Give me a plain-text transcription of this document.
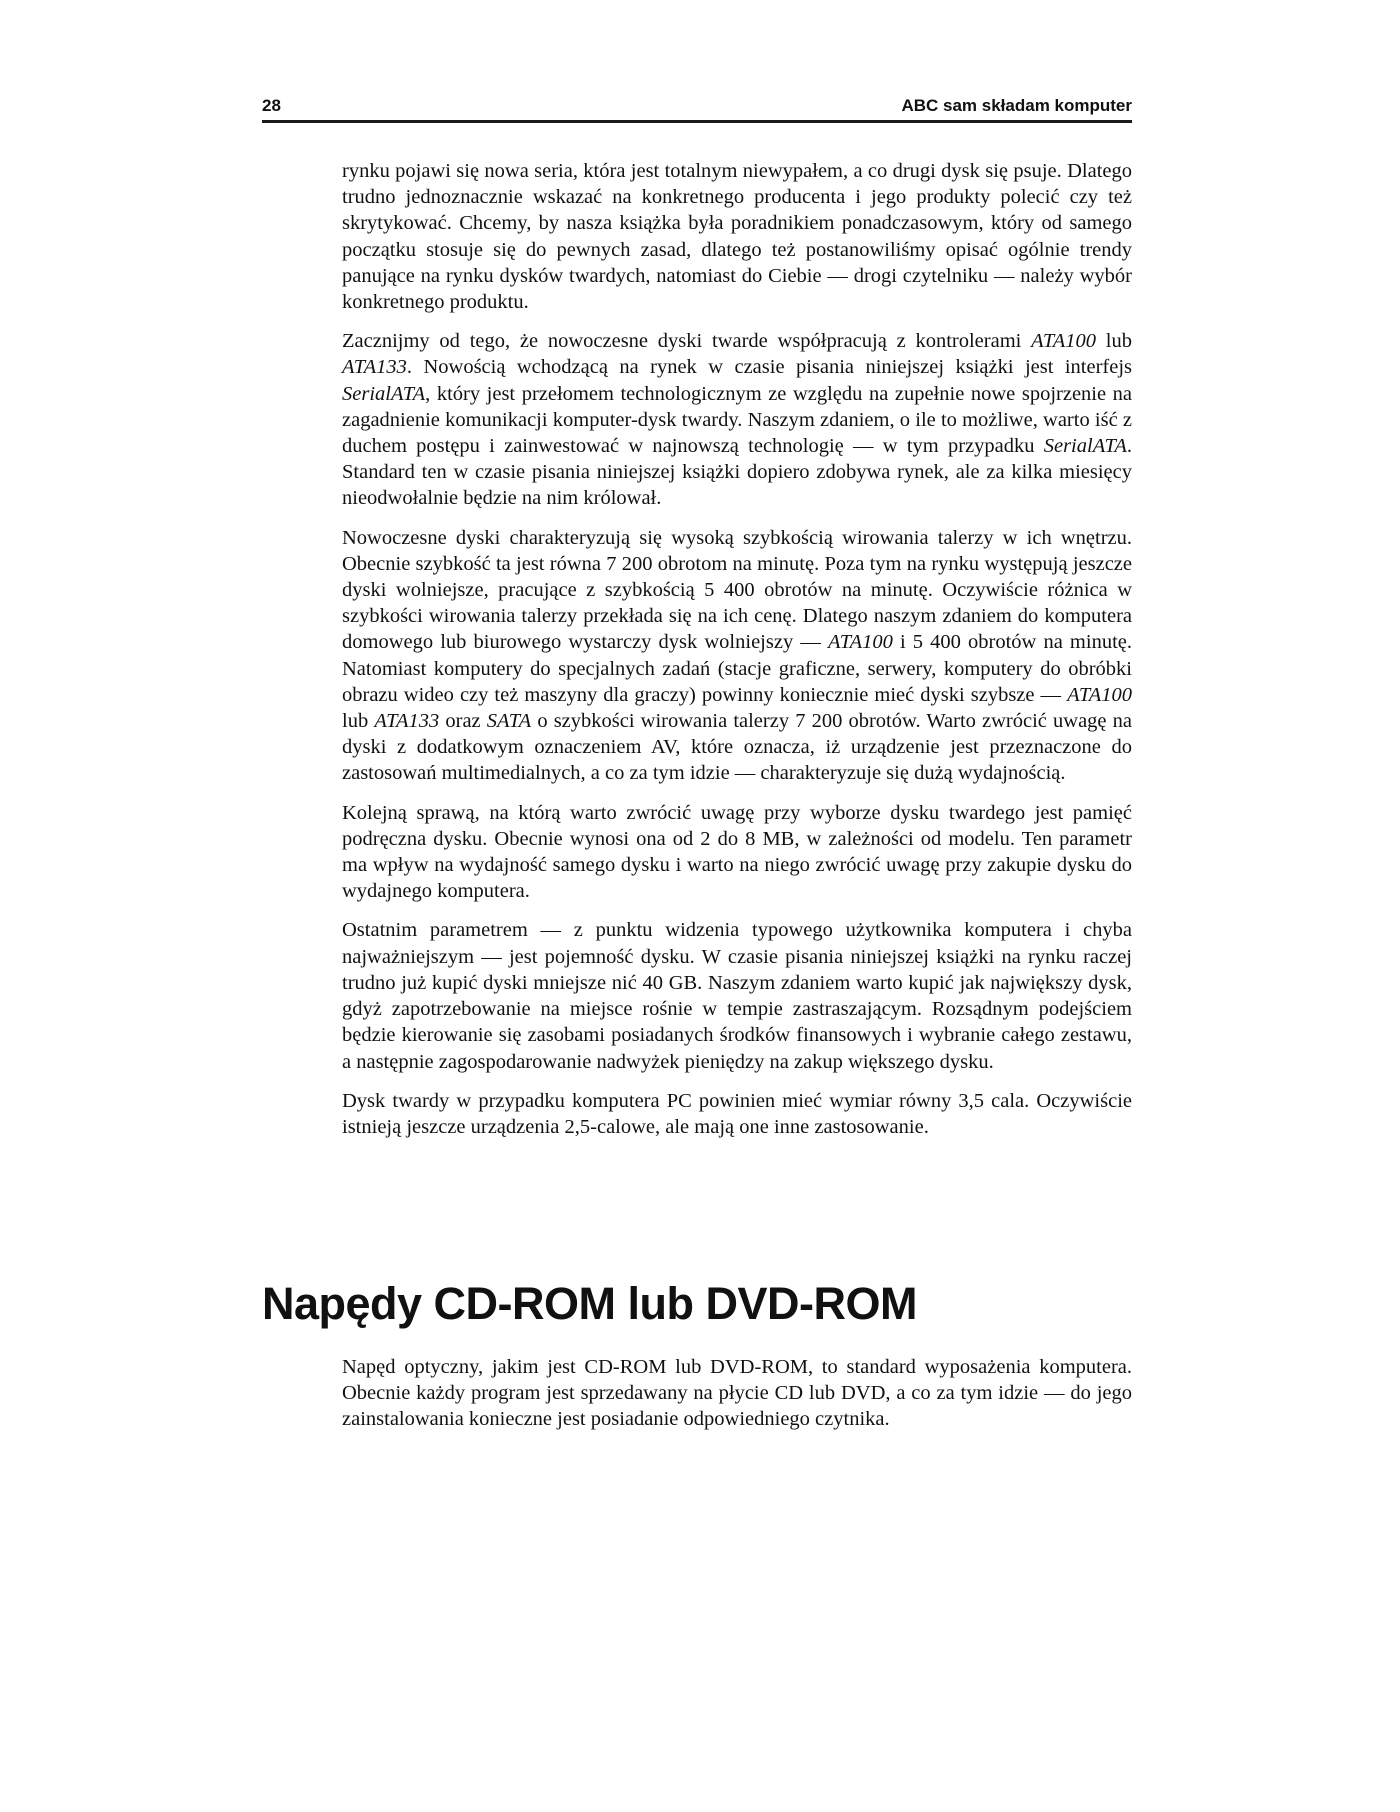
28	ABC sam składam komputer

rynku pojawi się nowa seria, która jest totalnym niewypałem, a co drugi dysk się psuje. Dlatego trudno jednoznacznie wskazać na konkretnego producenta i jego produkty polecić czy też skrytykować. Chcemy, by nasza książka była poradnikiem ponadczasowym, który od samego początku stosuje się do pewnych zasad, dlatego też postanowiliśmy opisać ogólnie trendy panujące na rynku dysków twardych, natomiast do Ciebie — drogi czytelniku — należy wybór konkretnego produktu.

Zacznijmy od tego, że nowoczesne dyski twarde współpracują z kontrolerami ATA100 lub ATA133. Nowością wchodzącą na rynek w czasie pisania niniejszej książki jest interfejs SerialATA, który jest przełomem technologicznym ze względu na zupełnie nowe spojrzenie na zagadnienie komunikacji komputer-dysk twardy. Naszym zdaniem, o ile to możliwe, warto iść z duchem postępu i zainwestować w najnowszą technologię — w tym przypadku SerialATA. Standard ten w czasie pisania niniejszej książki dopiero zdobywa rynek, ale za kilka miesięcy nieodwołalnie będzie na nim królował.

Nowoczesne dyski charakteryzują się wysoką szybkością wirowania talerzy w ich wnętrzu. Obecnie szybkość ta jest równa 7 200 obrotom na minutę. Poza tym na rynku występują jeszcze dyski wolniejsze, pracujące z szybkością 5 400 obrotów na minutę. Oczywiście różnica w szybkości wirowania talerzy przekłada się na ich cenę. Dlatego naszym zdaniem do komputera domowego lub biurowego wystarczy dysk wolniejszy — ATA100 i 5 400 obrotów na minutę. Natomiast komputery do specjalnych zadań (stacje graficzne, serwery, komputery do obróbki obrazu wideo czy też maszyny dla graczy) powinny koniecznie mieć dyski szybsze — ATA100 lub ATA133 oraz SATA o szybkości wirowania talerzy 7 200 obrotów. Warto zwrócić uwagę na dyski z dodatkowym oznaczeniem AV, które oznacza, iż urządzenie jest przeznaczone do zastosowań multimedialnych, a co za tym idzie — charakteryzuje się dużą wydajnością.

Kolejną sprawą, na którą warto zwrócić uwagę przy wyborze dysku twardego jest pamięć podręczna dysku. Obecnie wynosi ona od 2 do 8 MB, w zależności od modelu. Ten parametr ma wpływ na wydajność samego dysku i warto na niego zwrócić uwagę przy zakupie dysku do wydajnego komputera.

Ostatnim parametrem — z punktu widzenia typowego użytkownika komputera i chyba najważniejszym — jest pojemność dysku. W czasie pisania niniejszej książki na rynku raczej trudno już kupić dyski mniejsze nić 40 GB. Naszym zdaniem warto kupić jak największy dysk, gdyż zapotrzebowanie na miejsce rośnie w tempie zastraszającym. Rozsądnym podejściem będzie kierowanie się zasobami posiadanych środków finansowych i wybranie całego zestawu, a następnie zagospodarowanie nadwyżek pieniędzy na zakup większego dysku.

Dysk twardy w przypadku komputera PC powinien mieć wymiar równy 3,5 cala. Oczywiście istnieją jeszcze urządzenia 2,5-calowe, ale mają one inne zastosowanie.

Napędy CD-ROM lub DVD-ROM

Napęd optyczny, jakim jest CD-ROM lub DVD-ROM, to standard wyposażenia komputera. Obecnie każdy program jest sprzedawany na płycie CD lub DVD, a co za tym idzie — do jego zainstalowania konieczne jest posiadanie odpowiedniego czytnika.
